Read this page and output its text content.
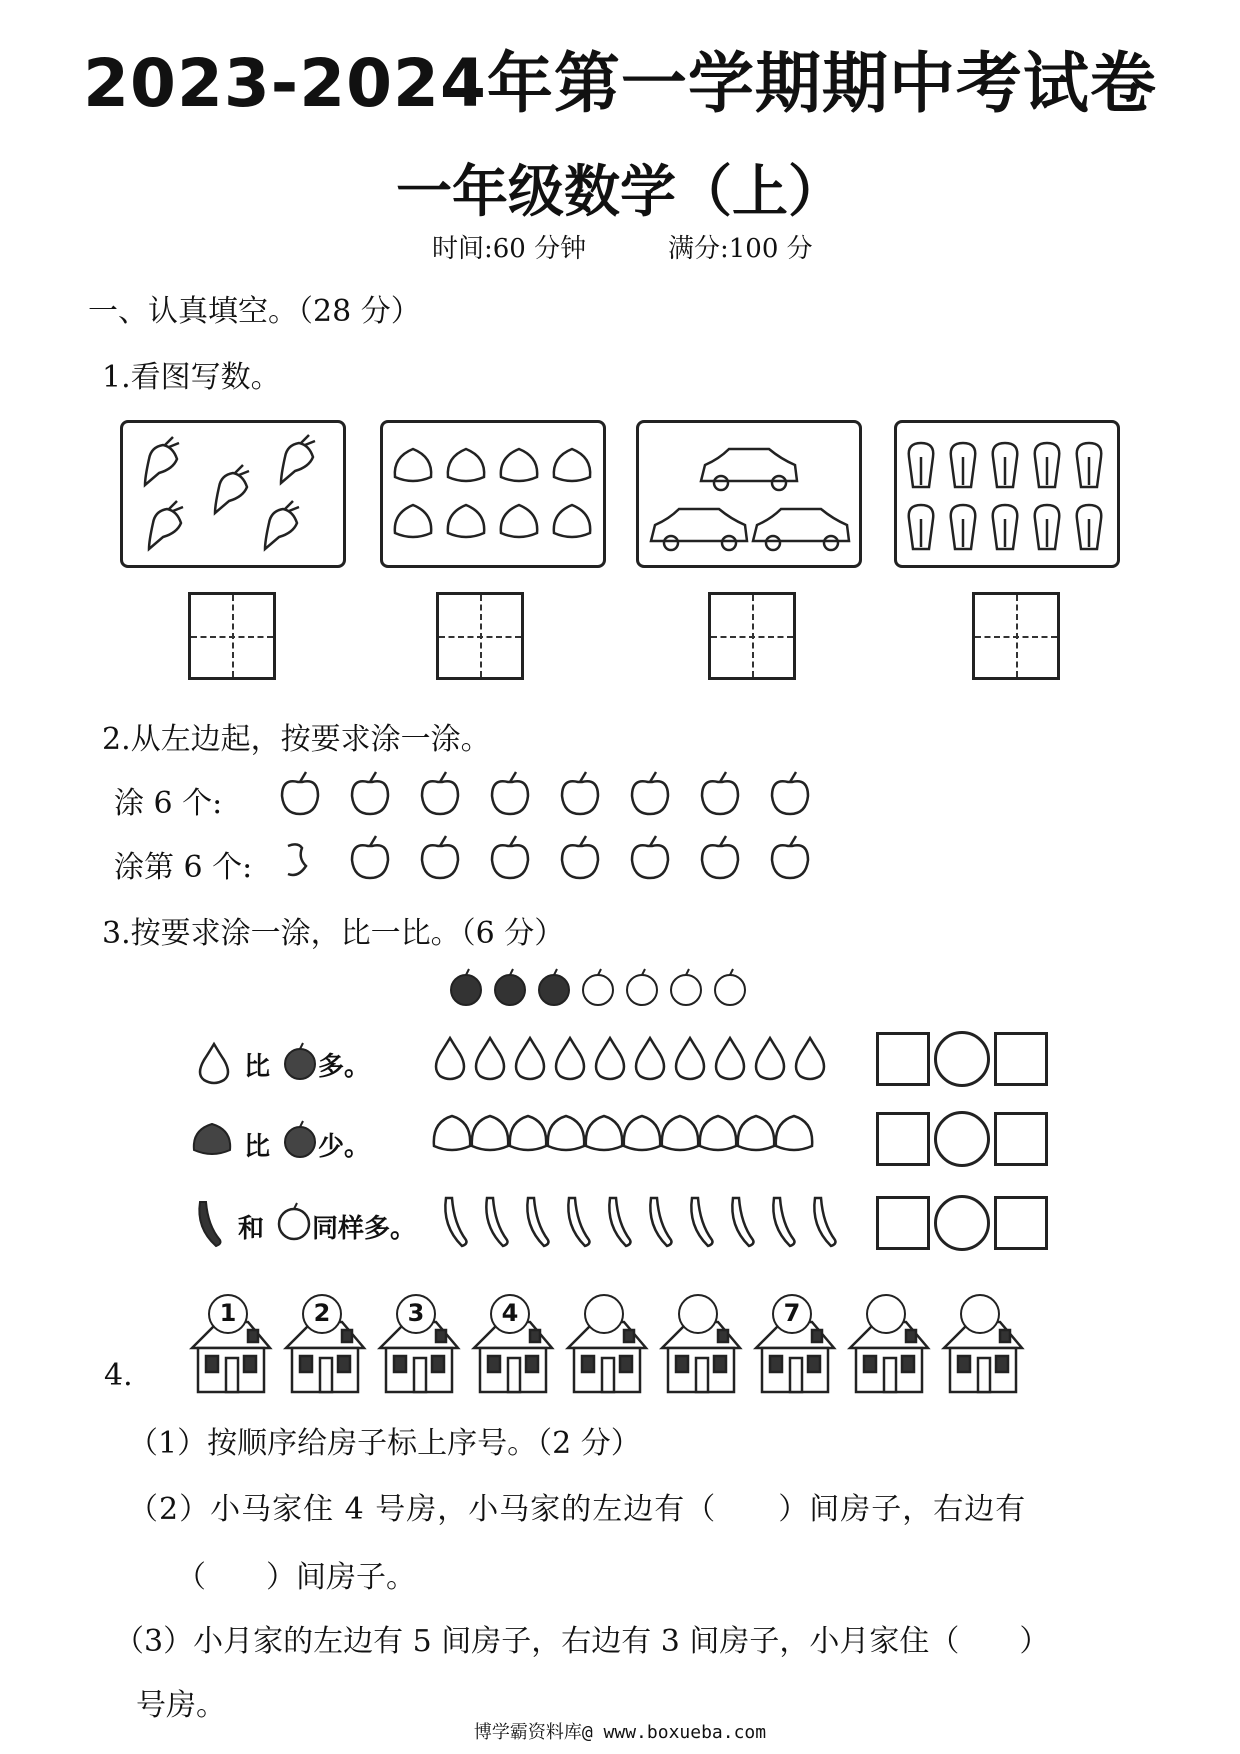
2023-2024年第一学期期中考试卷
一年级数学（上）
时间:60 分钟	满分:100 分
一、认真填空。（28 分）
1.看图写数。
2.从左边起，按要求涂一涂。
涂 6 个:
涂第 6 个:
3.按要求涂一涂，比一比。（6 分）
比 多。
比 少。
和 同样多。
4.
1	2	3	4	7
（1）按顺序给房子标上序号。（2 分）
（2）小马家住 4 号房，小马家的左边有（　　）间房子，右边有
（　　）间房子。
（3）小月家的左边有 5 间房子，右边有 3 间房子，小月家住（　　）
号房。
博学霸资料库@ www.boxueba.com
